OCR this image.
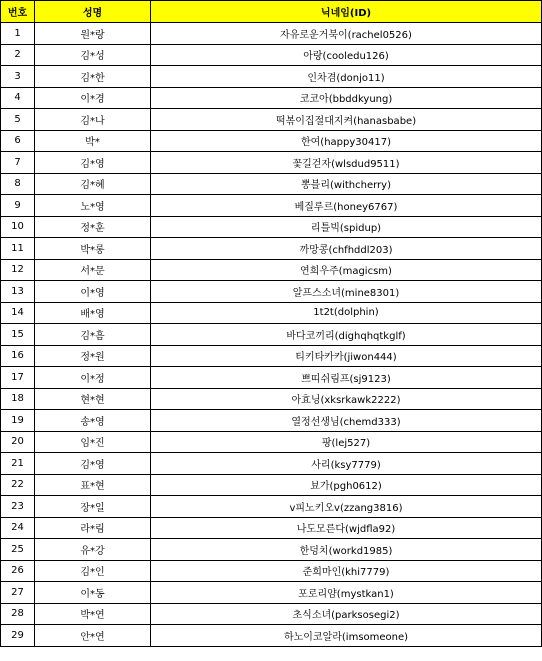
번호	성명	닉네임(ID)
1	원*랑	자유로운거북이(rachel0526)
2	김*성	아랑(cooledu126)
3	김*한	인차겸(donjo11)
4	이*경	코코아(bbddkyung)
5	김*나	떡볶이집절대지켜(hanasbabe)
6	박*	한여(happy30417)
7	김*영	꽃길걷자(wlsdud9511)
8	김*혜	뽕블리(withcherry)
9	노*영	베질루르(honey6767)
10	정*훈	리틀빅(spidup)
11	박*롱	까망콩(chfhddl203)
12	서*문	연희우주(magicsm)
13	이*영	알프스소녀(mine8301)
14	배*영	1t2t(dolphin)
15	김*흠	바다코끼리(dighqhqtkglf)
16	정*원	티키타카카(jiwon444)
17	이*정	쁘띠쉬림프(sj9123)
18	현*현	아효닝(xksrkawk2222)
19	송*영	열정선생님(chemd333)
20	임*진	팡(lej527)
21	김*영	사리(ksy7779)
22	표*현	뵤가(pgh0612)
23	장*일	v피노키오v(zzang3816)
24	라*림	나도모른다(wjdfla92)
25	유*강	한덩치(workd1985)
26	김*인	준희마인(khi7779)
27	이*동	포로리얌(mystkan1)
28	박*연	초식소녀(parksosegi2)
29	안*연	하노이코알라(imsomeone)
